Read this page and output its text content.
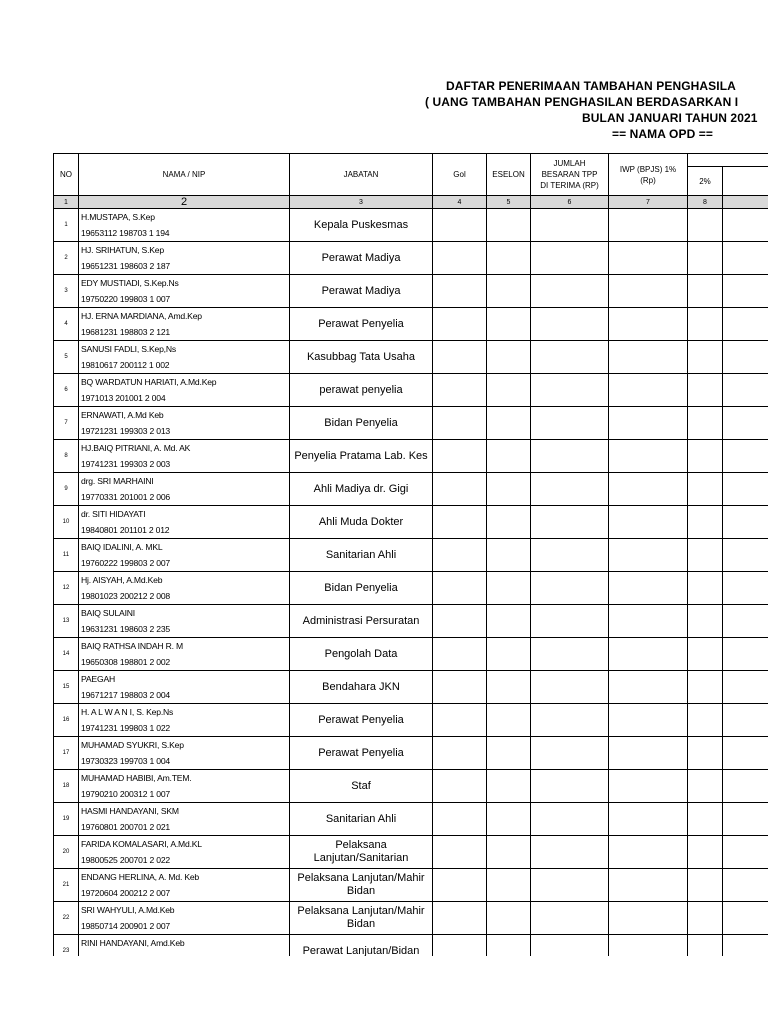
DAFTAR PENERIMAAN TAMBAHAN PENGHASILA
( UANG TAMBAHAN PENGHASILAN BERDASARKAN I
BULAN JANUARI TAHUN 2021
== NAMA OPD ==
NO	NAMA / NIP	JABATAN	Gol	ESELON	JUMLAH BESARAN TPP DI TERIMA (RP)	IWP (BPJS) 1% (Rp)		
							2%	
1	2	3	4	5	6	7	8	
1	H.MUSTAPA, S.Kep
19653112 198703 1 194	Kepala Puskesmas						
2	HJ. SRIHATUN, S.Kep
19651231 198603 2 187	Perawat Madiya						
3	EDY MUSTIADI, S.Kep.Ns
19750220 199803 1 007	Perawat Madiya						
4	HJ. ERNA MARDIANA, Amd.Kep
19681231 198803 2 121	Perawat Penyelia						
5	SANUSI FADLI, S.Kep,Ns
19810617 200112 1 002	Kasubbag Tata Usaha						
6	BQ WARDATUN HARIATI, A.Md.Kep
1971013 201001 2 004	perawat penyelia						
7	ERNAWATI, A.Md Keb
19721231 199303 2 013	Bidan Penyelia						
8	HJ.BAIQ PITRIANI, A. Md. AK
19741231 199303 2 003	Penyelia Pratama Lab. Kes						
9	drg. SRI MARHAINI
19770331 201001 2 006	Ahli Madiya dr. Gigi						
10	dr. SITI HIDAYATI
19840801 201101 2 012	Ahli Muda Dokter						
11	BAIQ IDALINI, A. MKL
19760222 199803 2 007	Sanitarian Ahli						
12	Hj. AISYAH, A.Md.Keb
19801023 200212 2 008	Bidan Penyelia						
13	BAIQ SULAINI
19631231 198603 2 235	Administrasi Persuratan						
14	BAIQ RATHSA INDAH R. M
19650308 198801 2 002	Pengolah Data						
15	PAEGAH
19671217 198803 2 004	Bendahara JKN						
16	H. A L W A N I, S. Kep.Ns
19741231 199803 1 022	Perawat Penyelia						
17	MUHAMAD SYUKRI, S.Kep
19730323 199703 1 004	Perawat Penyelia						
18	MUHAMAD HABIBI, Am.TEM.
19790210 200312 1 007	Staf						
19	HASMI HANDAYANI, SKM
19760801 200701 2 021	Sanitarian Ahli						
20	FARIDA KOMALASARI, A.Md.KL
19800525 200701 2 022	Pelaksana Lanjutan/Sanitarian						
21	ENDANG HERLINA, A. Md. Keb
19720604 200212 2 007	Pelaksana Lanjutan/Mahir Bidan						
22	SRI WAHYULI, A.Md.Keb
19850714 200901 2 007	Pelaksana Lanjutan/Mahir Bidan						
23	RINI HANDAYANI, Amd.Keb	Perawat Lanjutan/Bidan						
